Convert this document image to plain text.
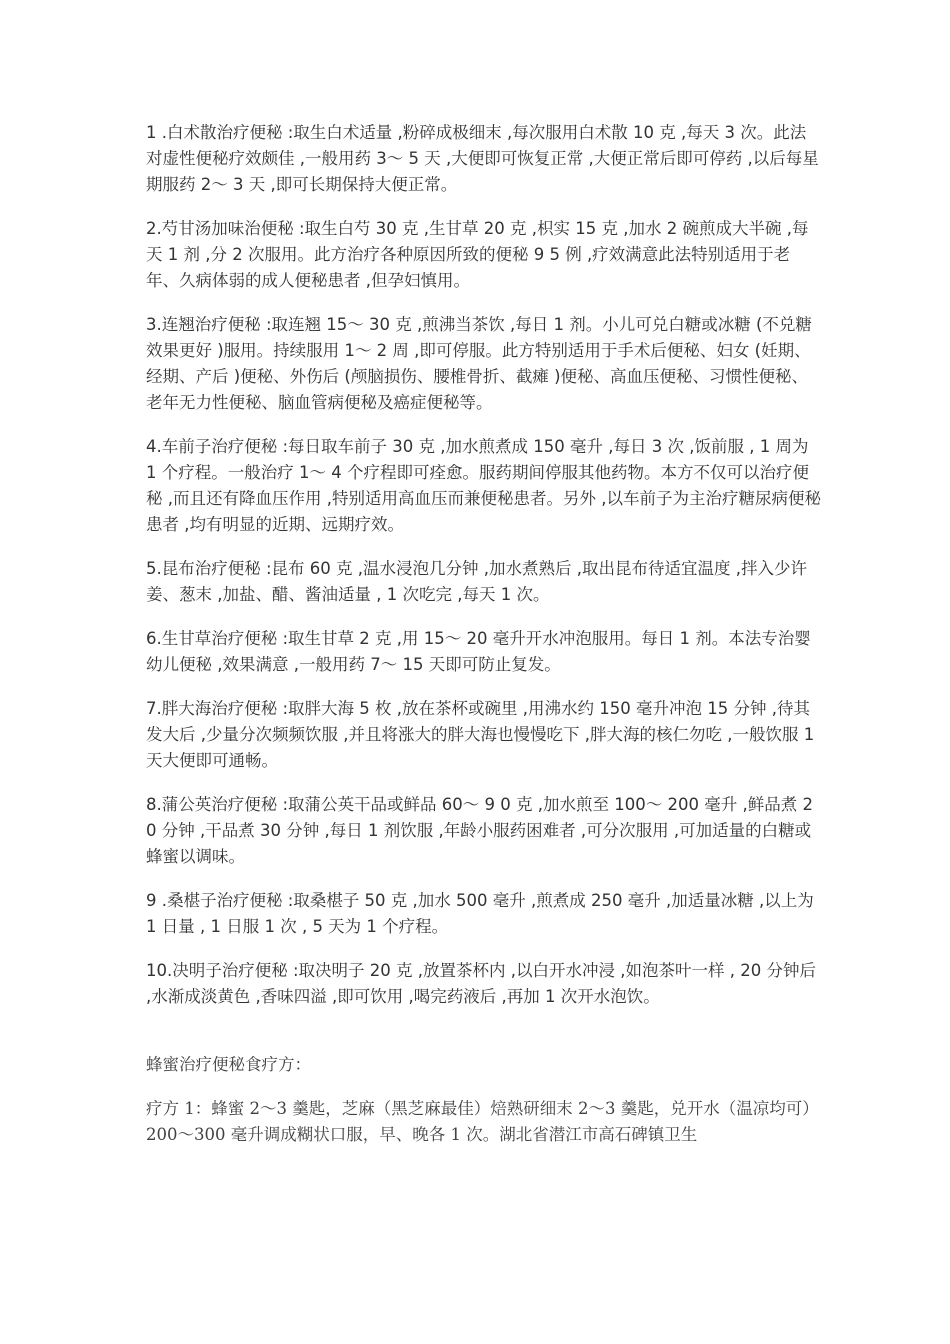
1 .白术散治疗便秘 :取生白术适量 ,粉碎成极细末 ,每次服用白术散 10 克 ,每天 3 次。此法对虚性便秘疗效颇佳 ,一般用药 3～ 5 天 ,大便即可恢复正常 ,大便正常后即可停药 ,以后每星期服药 2～ 3 天 ,即可长期保持大便正常。

2.芍甘汤加味治便秘 :取生白芍 30 克 ,生甘草 20 克 ,枳实 15 克 ,加水 2 碗煎成大半碗 ,每天 1 剂 ,分 2 次服用。此方治疗各种原因所致的便秘 9 5 例 ,疗效满意此法特别适用于老年、久病体弱的成人便秘患者 ,但孕妇慎用。

3.连翘治疗便秘 :取连翘 15～ 30 克 ,煎沸当茶饮 ,每日 1 剂。小儿可兑白糖或冰糖 (不兑糖效果更好 )服用。持续服用 1～ 2 周 ,即可停服。此方特别适用于手术后便秘、妇女 (妊期、经期、产后 )便秘、外伤后 (颅脑损伤、腰椎骨折、截瘫 )便秘、高血压便秘、习惯性便秘、老年无力性便秘、脑血管病便秘及癌症便秘等。

4.车前子治疗便秘 :每日取车前子 30 克 ,加水煎煮成 150 毫升 ,每日 3 次 ,饭前服 , 1 周为 1 个疗程。一般治疗 1～ 4 个疗程即可痊愈。服药期间停服其他药物。本方不仅可以治疗便秘 ,而且还有降血压作用 ,特别适用高血压而兼便秘患者。另外 ,以车前子为主治疗糖尿病便秘患者 ,均有明显的近期、远期疗效。

5.昆布治疗便秘 :昆布 60 克 ,温水浸泡几分钟 ,加水煮熟后 ,取出昆布待适宜温度 ,拌入少许姜、葱末 ,加盐、醋、酱油适量 , 1 次吃完 ,每天 1 次。

6.生甘草治疗便秘 :取生甘草 2 克 ,用 15～ 20 毫升开水冲泡服用。每日 1 剂。本法专治婴幼儿便秘 ,效果满意 ,一般用药 7～ 15 天即可防止复发。

7.胖大海治疗便秘 :取胖大海 5 枚 ,放在茶杯或碗里 ,用沸水约 150 毫升冲泡 15 分钟 ,待其发大后 ,少量分次频频饮服 ,并且将涨大的胖大海也慢慢吃下 ,胖大海的核仁勿吃 ,一般饮服 1 天大便即可通畅。

8.蒲公英治疗便秘 :取蒲公英干品或鲜品 60～ 9 0 克 ,加水煎至 100～ 200 毫升 ,鲜品煮 20 分钟 ,干品煮 30 分钟 ,每日 1 剂饮服 ,年龄小服药困难者 ,可分次服用 ,可加适量的白糖或蜂蜜以调味。

9 .桑椹子治疗便秘 :取桑椹子 50 克 ,加水 500 毫升 ,煎煮成 250 毫升 ,加适量冰糖 ,以上为 1 日量 , 1 日服 1 次 , 5 天为 1 个疗程。

10.决明子治疗便秘 :取决明子 20 克 ,放置茶杯内 ,以白开水冲浸 ,如泡茶叶一样 , 20 分钟后 ,水渐成淡黄色 ,香味四溢 ,即可饮用 ,喝完药液后 ,再加 1 次开水泡饮。

蜂蜜治疗便秘食疗方：

疗方 1：蜂蜜 2～3 羹匙，芝麻（黑芝麻最佳）焙熟研细末 2～3 羹匙，兑开水（温凉均可）200～300 毫升调成糊状口服，早、晚各 1 次。湖北省潜江市高石碑镇卫生
